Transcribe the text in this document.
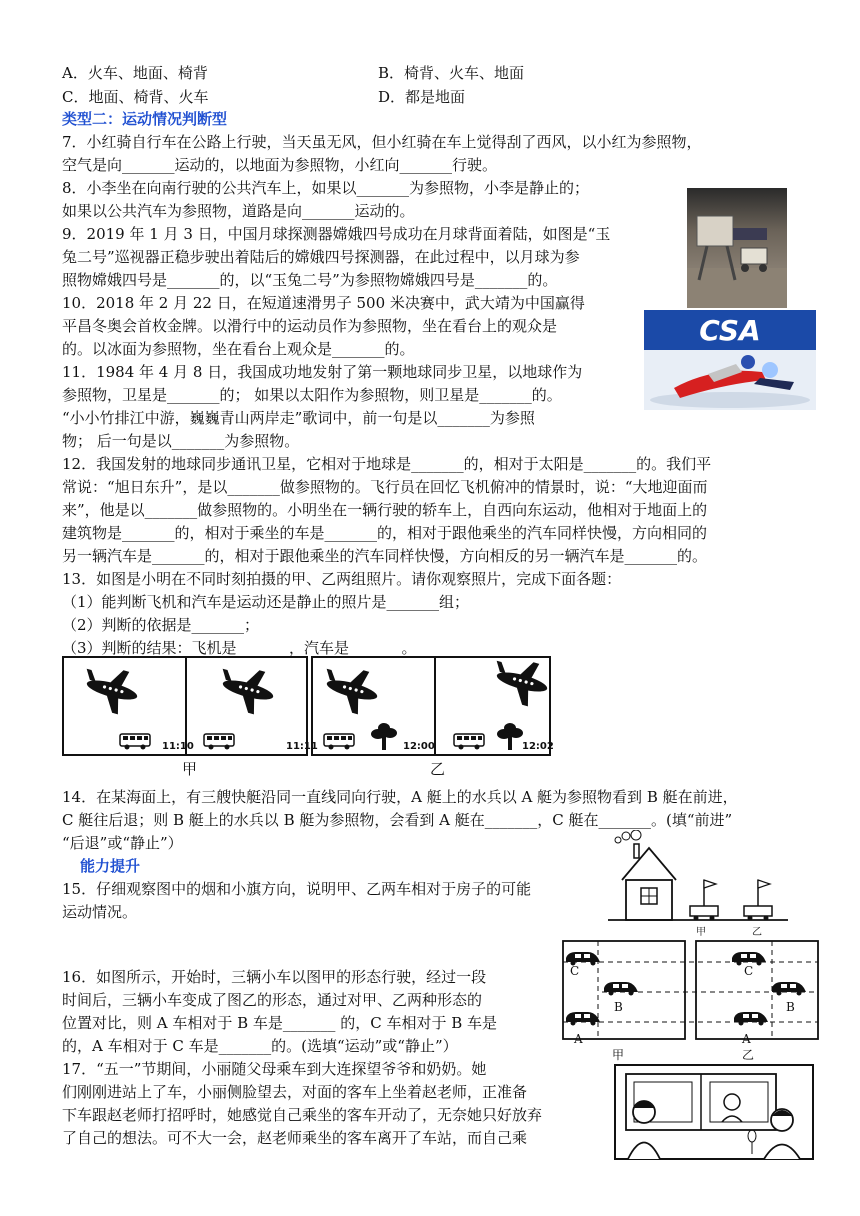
A．火车、地面、椅背	B．椅背、火车、地面
C．地面、椅背、火车	D．都是地面
类型二：运动情况判断型
7．小红骑自行车在公路上行驶，当天虽无风，但小红骑在车上觉得刮了西风，以小红为参照物，
空气是向_______运动的，以地面为参照物，小红向_______行驶。
8．小李坐在向南行驶的公共汽车上，如果以_______为参照物，小李是静止的；
如果以公共汽车为参照物，道路是向_______运动的。
9．2019 年 1 月 3 日，中国月球探测器嫦娥四号成功在月球背面着陆，如图是“玉
兔二号”巡视器正稳步驶出着陆后的嫦娥四号探测器，在此过程中，以月球为参
照物嫦娥四号是_______的，以“玉兔二号”为参照物嫦娥四号是_______的。
10．2018 年 2 月 22 日，在短道速滑男子 500 米决赛中，武大靖为中国赢得
平昌冬奥会首枚金牌。以滑行中的运动员作为参照物，坐在看台上的观众是
的。以冰面为参照物，坐在看台上观众是_______的。
11．1984 年 4 月 8 日，我国成功地发射了第一颗地球同步卫星，以地球作为
参照物，卫星是_______的； 如果以太阳作为参照物，则卫星是_______的。
“小小竹排江中游，巍巍青山两岸走”歌词中，前一句是以_______为参照
物； 后一句是以_______为参照物。
12．我国发射的地球同步通讯卫星，它相对于地球是_______的，相对于太阳是_______的。我们平
常说：“旭日东升”，是以_______做参照物的。飞行员在回忆飞机俯冲的情景时，说：“大地迎面而
来”，他是以_______做参照物的。小明坐在一辆行驶的轿车上，自西向东运动，他相对于地面上的
建筑物是_______的，相对于乘坐的车是_______的，相对于跟他乘坐的汽车同样快慢，方向相同的
另一辆汽车是_______的，相对于跟他乘坐的汽车同样快慢，方向相反的另一辆汽车是_______的。
13．如图是小明在不同时刻拍摄的甲、乙两组照片。请你观察照片，完成下面各题：
（1）能判断飞机和汽车是运动还是静止的照片是_______组；
（2）判断的依据是_______；
（3）判断的结果：飞机是_______，汽车是_______。
11:10	11:11	12:00	12:02
甲	乙
14．在某海面上，有三艘快艇沿同一直线同向行驶，A 艇上的水兵以 A 艇为参照物看到 B 艇在前进，
C 艇往后退；则 B 艇上的水兵以 B 艇为参照物，会看到 A 艇在_______，C 艇在_______。(填“前进”
“后退”或“静止”）
能力提升
15．仔细观察图中的烟和小旗方向，说明甲、乙两车相对于房子的可能
运动情况。
16．如图所示，开始时，三辆小车以图甲的形态行驶，经过一段
时间后，三辆小车变成了图乙的形态，通过对甲、乙两种形态的
位置对比，则 A 车相对于 B 车是_______ 的，C 车相对于 B 车是
的，A 车相对于 C 车是_______的。(选填“运动”或“静止”）
17．“五一”节期间，小丽随父母乘车到大连探望爷爷和奶奶。她
们刚刚进站上了车，小丽侧脸望去，对面的客车上坐着赵老师，正准备
下车跟赵老师打招呼时，她感觉自己乘坐的客车开动了，无奈她只好放弃
了自己的想法。可不大一会，赵老师乘坐的客车离开了车站，而自己乘
CSA
甲	乙
C
B
A
C
B
A
甲	乙
